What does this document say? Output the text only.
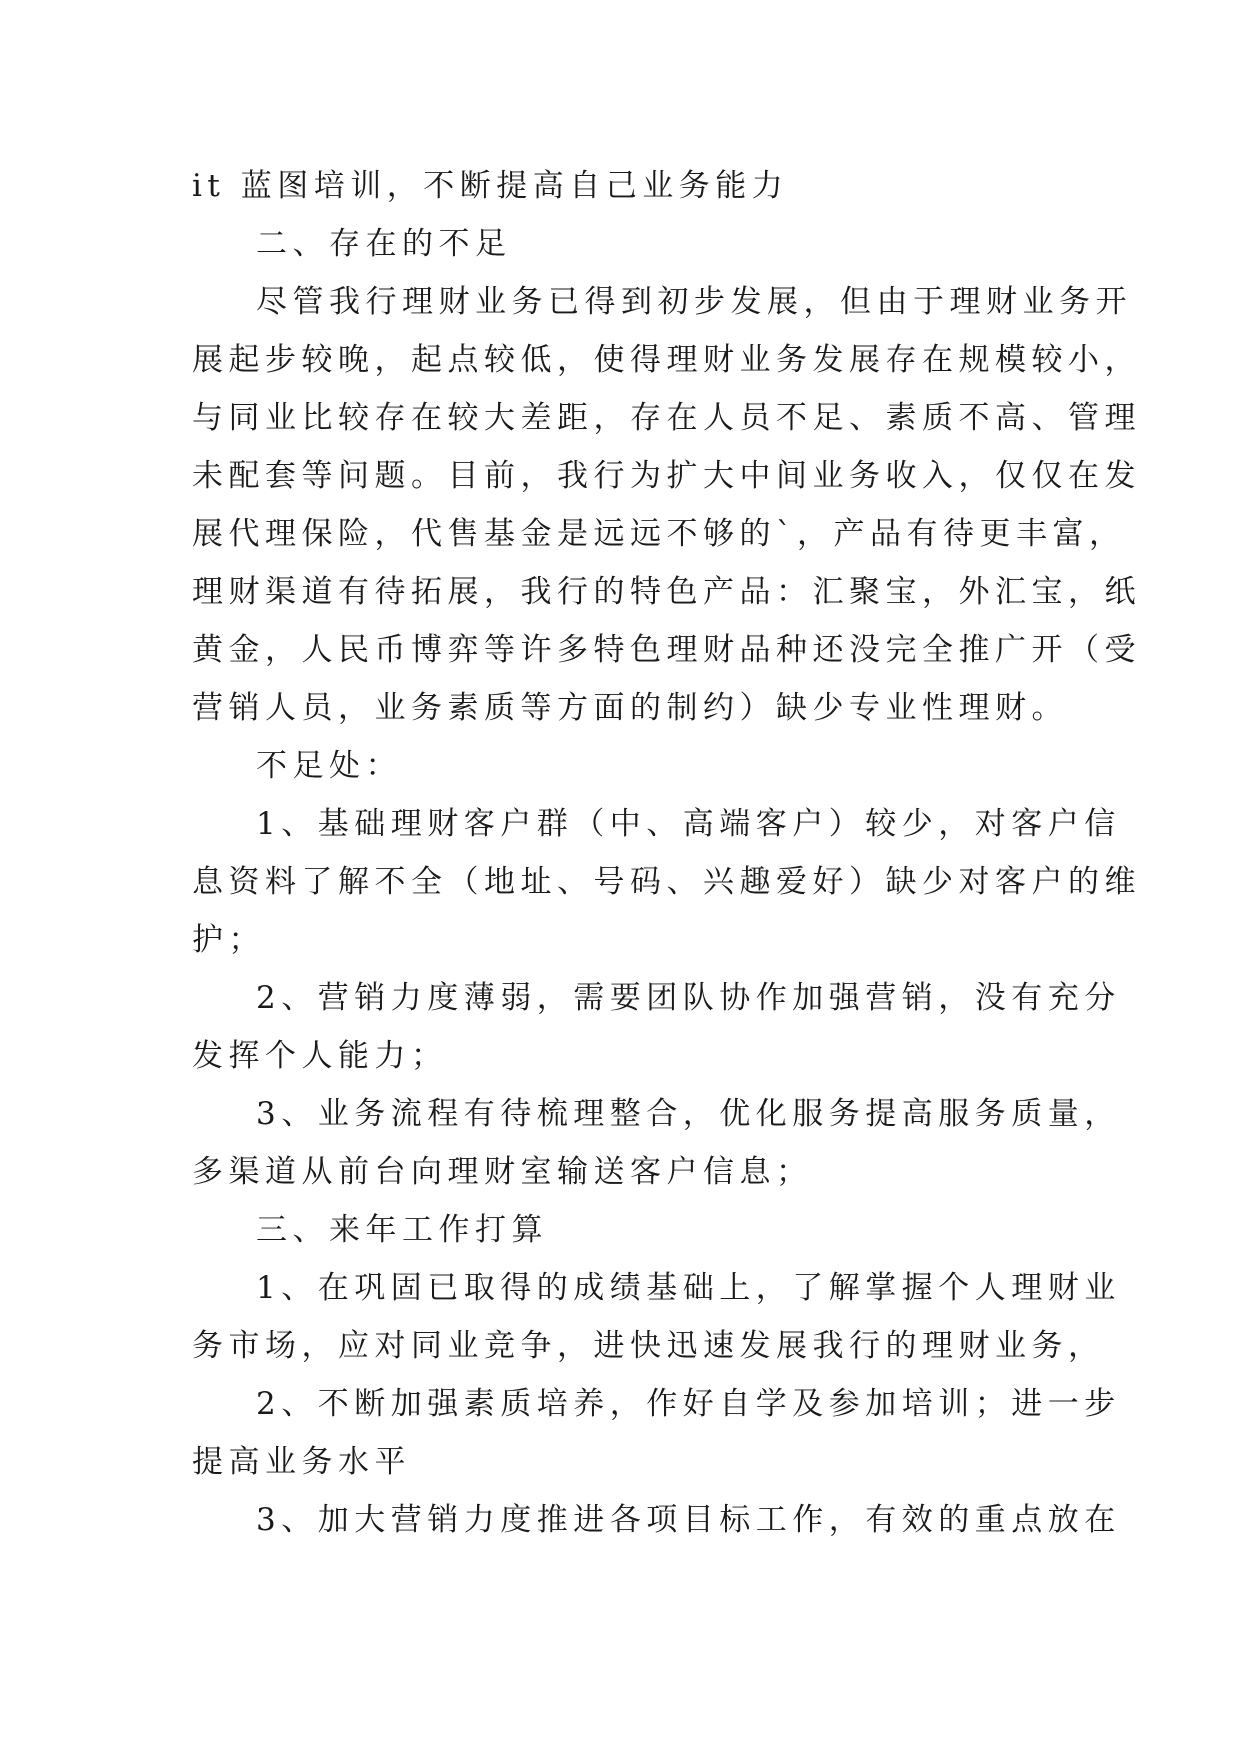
it 蓝图培训，不断提高自己业务能力
二、存在的不足
尽管我行理财业务已得到初步发展，但由于理财业务开
展起步较晚，起点较低，使得理财业务发展存在规模较小，
与同业比较存在较大差距，存在人员不足、素质不高、管理
未配套等问题。目前，我行为扩大中间业务收入，仅仅在发
展代理保险，代售基金是远远不够的`，产品有待更丰富，
理财渠道有待拓展，我行的特色产品：汇聚宝，外汇宝，纸
黄金，人民币博弈等许多特色理财品种还没完全推广开（受
营销人员，业务素质等方面的制约）缺少专业性理财。
不足处：
1、基础理财客户群（中、高端客户）较少，对客户信
息资料了解不全（地址、号码、兴趣爱好）缺少对客户的维
护；
2、营销力度薄弱，需要团队协作加强营销，没有充分
发挥个人能力；
3、业务流程有待梳理整合，优化服务提高服务质量，
多渠道从前台向理财室输送客户信息；
三、来年工作打算
1、在巩固已取得的成绩基础上，了解掌握个人理财业
务市场，应对同业竞争，进快迅速发展我行的理财业务，
2、不断加强素质培养，作好自学及参加培训；进一步
提高业务水平
3、加大营销力度推进各项目标工作，有效的重点放在
